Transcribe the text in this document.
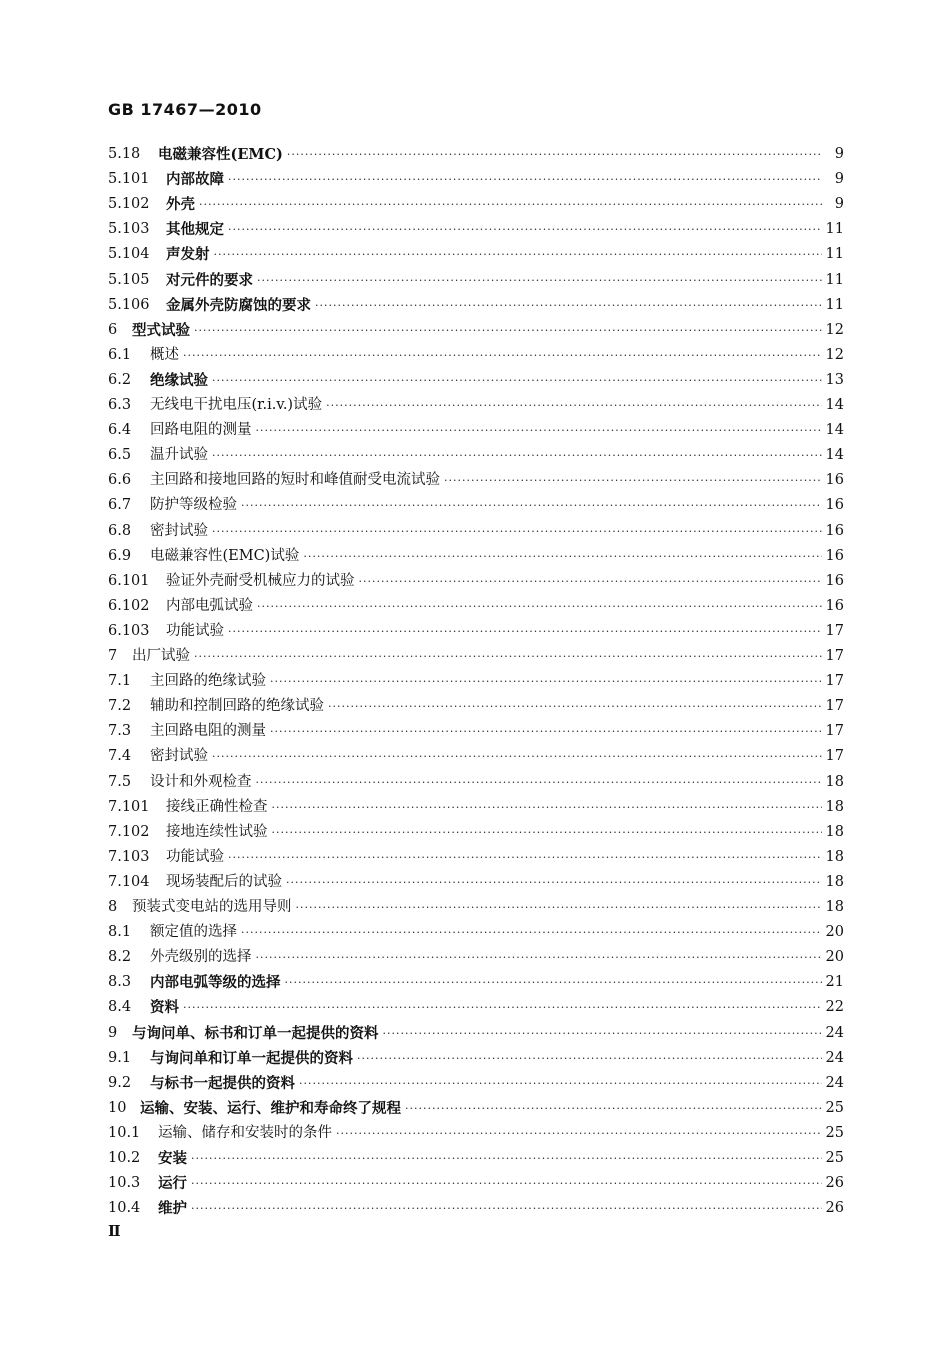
GB 17467—2010
5.18	电磁兼容性(EMC) ·····	9
5.101	内部故障 ·····	9
5.102	外壳 ·····	9
5.103	其他规定 ·····	11
5.104	声发射 ·····	11
5.105	对元件的要求 ·····	11
5.106	金属外壳防腐蚀的要求 ·····	11
6	型式试验 ·····	12
6.1	概述 ·····	12
6.2	绝缘试验 ·····	13
6.3	无线电干扰电压(r.i.v.)试验 ·····	14
6.4	回路电阻的测量 ·····	14
6.5	温升试验 ·····	14
6.6	主回路和接地回路的短时和峰值耐受电流试验 ·····	16
6.7	防护等级检验 ·····	16
6.8	密封试验 ·····	16
6.9	电磁兼容性(EMC)试验 ·····	16
6.101	验证外壳耐受机械应力的试验 ·····	16
6.102	内部电弧试验 ·····	16
6.103	功能试验 ·····	17
7	出厂试验 ·····	17
7.1	主回路的绝缘试验 ·····	17
7.2	辅助和控制回路的绝缘试验 ·····	17
7.3	主回路电阻的测量 ·····	17
7.4	密封试验 ·····	17
7.5	设计和外观检查 ·····	18
7.101	接线正确性检查 ·····	18
7.102	接地连续性试验 ·····	18
7.103	功能试验 ·····	18
7.104	现场装配后的试验 ·····	18
8	预装式变电站的选用导则 ·····	18
8.1	额定值的选择 ·····	20
8.2	外壳级别的选择 ·····	20
8.3	内部电弧等级的选择 ·····	21
8.4	资料 ·····	22
9	与询问单、标书和订单一起提供的资料 ·····	24
9.1	与询问单和订单一起提供的资料 ·····	24
9.2	与标书一起提供的资料 ·····	24
10 运输、安装、运行、维护和寿命终了规程 ·····	25
10.1	运输、储存和安装时的条件 ·····	25
10.2	安装 ·····	25
10.3	运行 ·····	26
10.4	维护 ·····	26
Ⅱ
